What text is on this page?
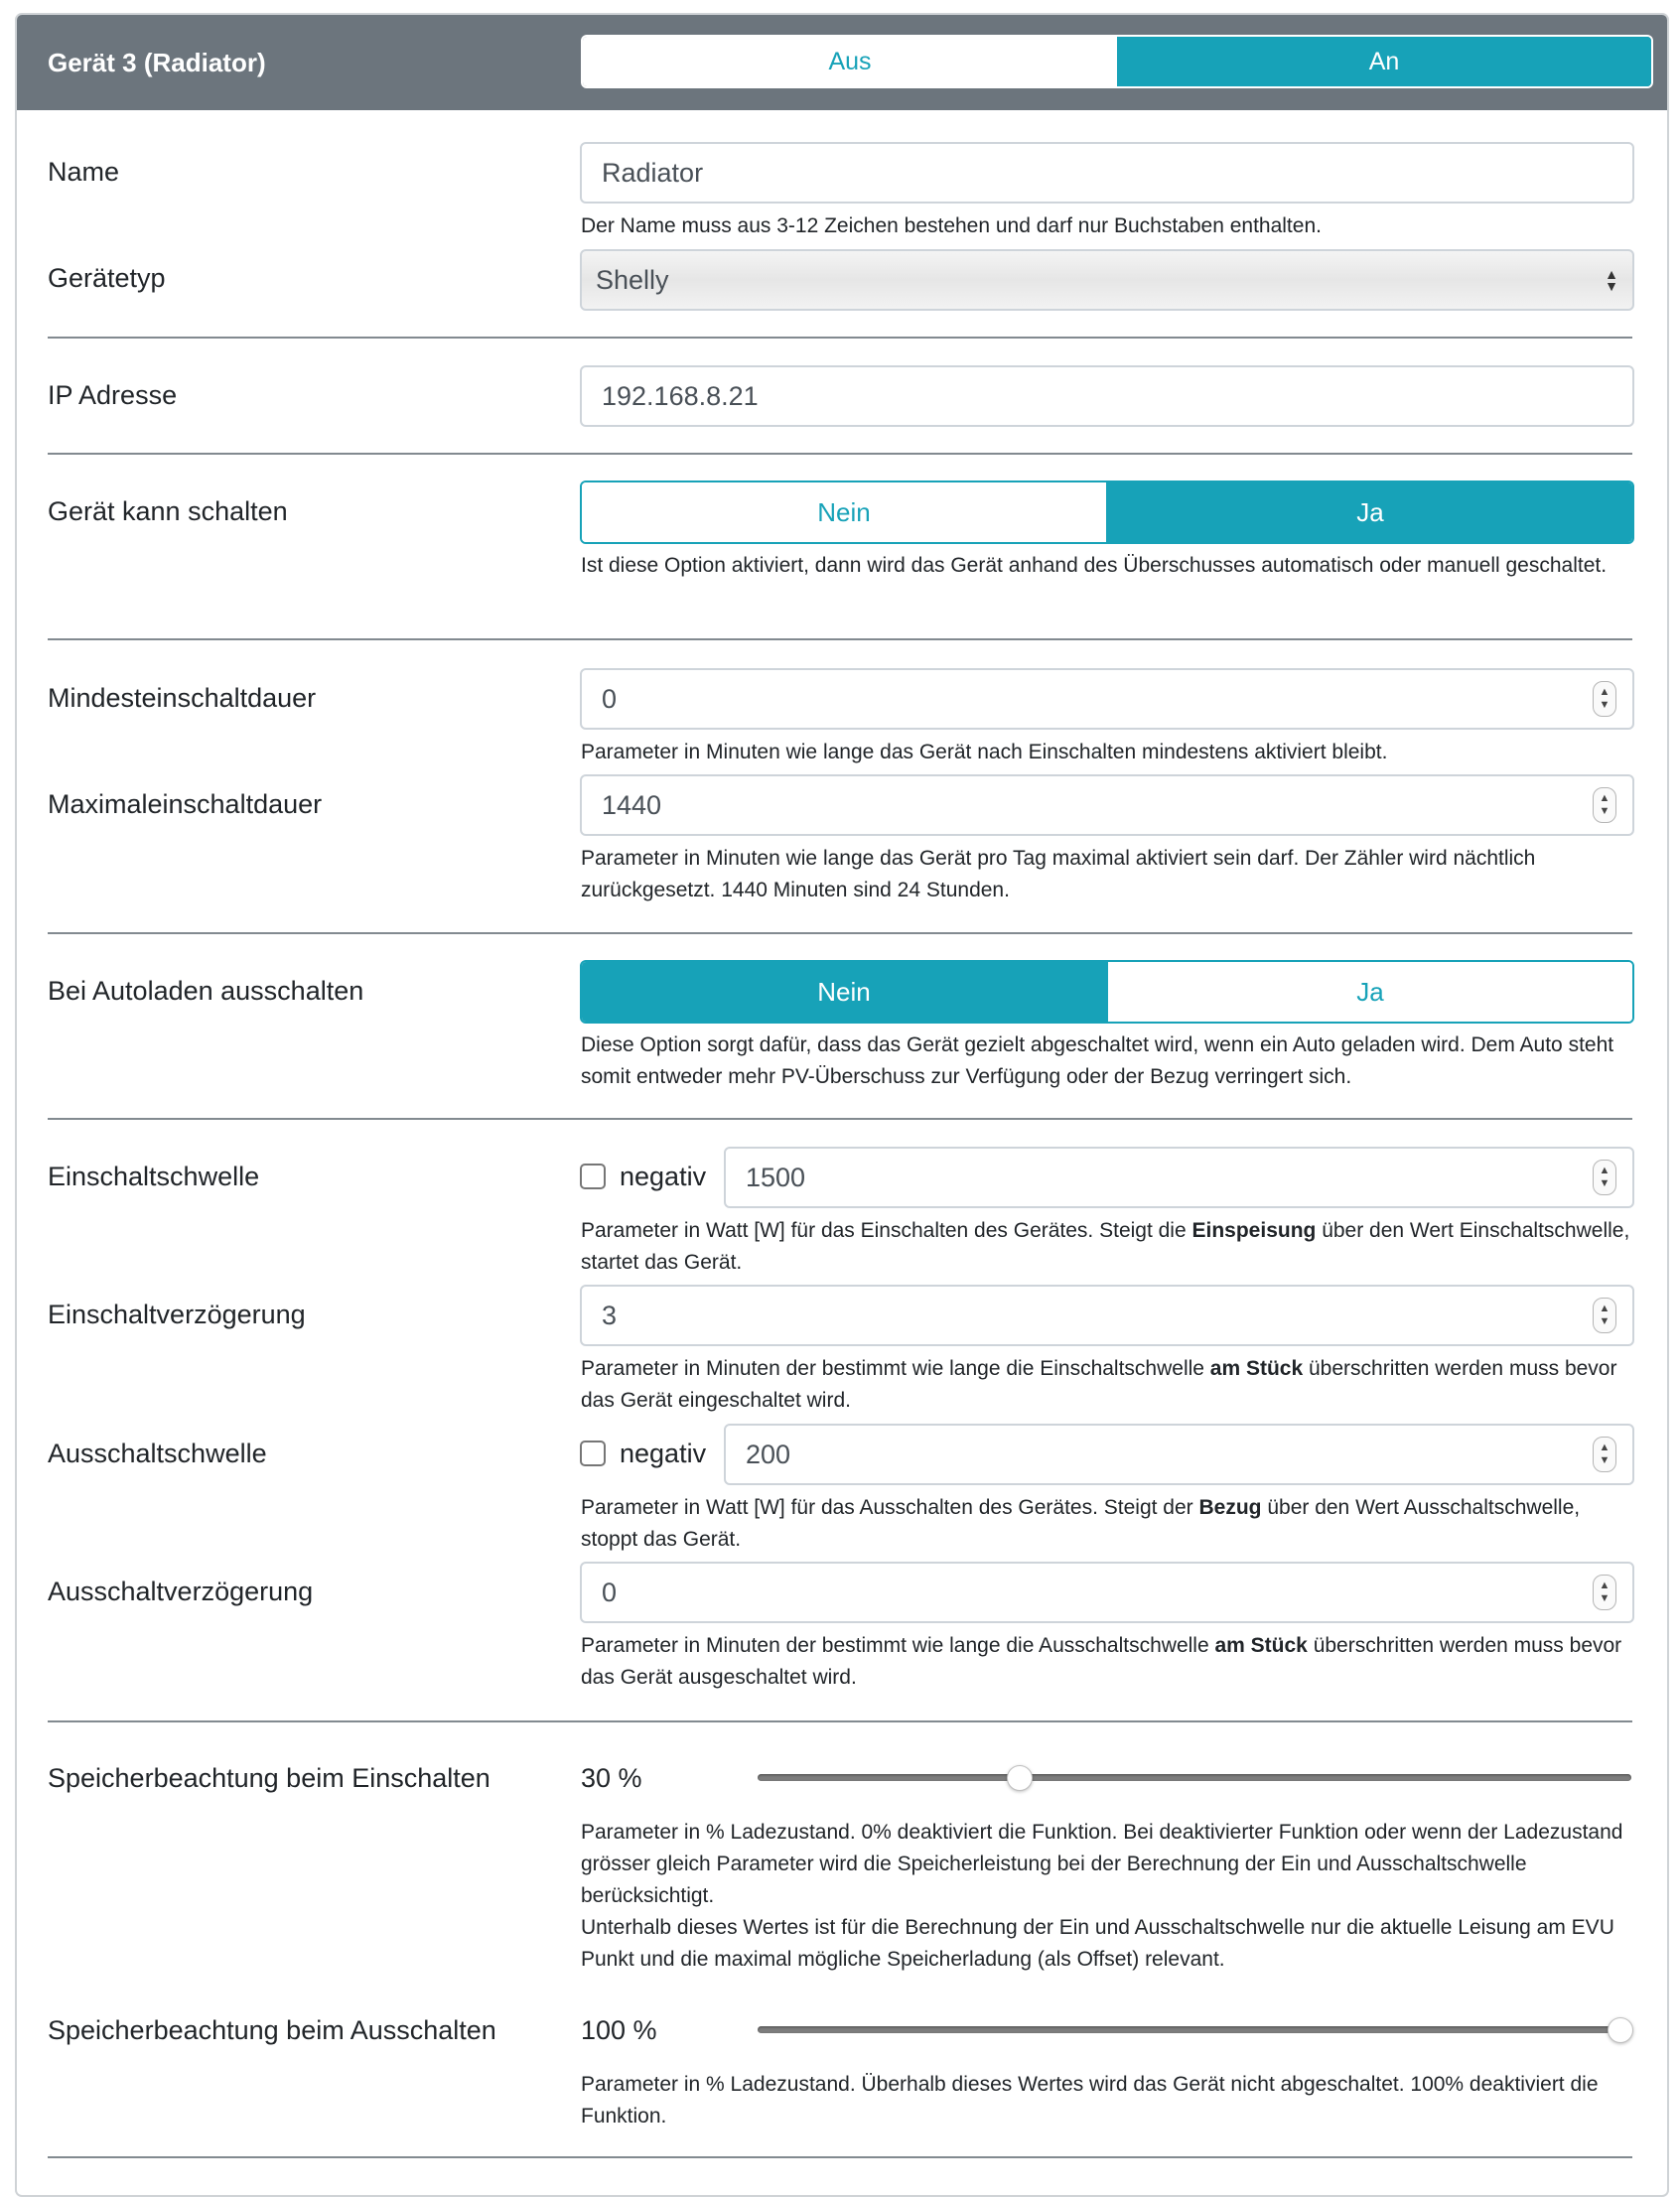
Gerät 3 (Radiator)	Aus	An
Name	Radiator
Der Name muss aus 3-12 Zeichen bestehen und darf nur Buchstaben enthalten.
Gerätetyp	Shelly	▲
▼
IP Adresse	192.168.8.21
Gerät kann schalten	Nein	Ja
Ist diese Option aktiviert, dann wird das Gerät anhand des Überschusses automatisch oder manuell geschaltet.
Mindesteinschaltdauer	0	▲
▼
Parameter in Minuten wie lange das Gerät nach Einschalten mindestens aktiviert bleibt.
Maximaleinschaltdauer	1440	▲
▼
Parameter in Minuten wie lange das Gerät pro Tag maximal aktiviert sein darf. Der Zähler wird nächtlich zurückgesetzt. 1440 Minuten sind 24 Stunden.
Bei Autoladen ausschalten	Nein	Ja
Diese Option sorgt dafür, dass das Gerät gezielt abgeschaltet wird, wenn ein Auto geladen wird. Dem Auto steht somit entweder mehr PV-Überschuss zur Verfügung oder der Bezug verringert sich.
Einschaltschwelle	negativ 1500	▲
▼
Parameter in Watt [W] für das Einschalten des Gerätes. Steigt die Einspeisung über den Wert Einschaltschwelle, startet das Gerät.
Einschaltverzögerung	3	▲
▼
Parameter in Minuten der bestimmt wie lange die Einschaltschwelle am Stück überschritten werden muss bevor das Gerät eingeschaltet wird.
Ausschaltschwelle	negativ 200	▲
▼
Parameter in Watt [W] für das Ausschalten des Gerätes. Steigt der Bezug über den Wert Ausschaltschwelle, stoppt das Gerät.
Ausschaltverzögerung	0	▲
▼
Parameter in Minuten der bestimmt wie lange die Ausschaltschwelle am Stück überschritten werden muss bevor das Gerät ausgeschaltet wird.
Speicherbeachtung beim Einschalten	30 %
Parameter in % Ladezustand. 0% deaktiviert die Funktion. Bei deaktivierter Funktion oder wenn der Ladezustand grösser gleich Parameter wird die Speicherleistung bei der Berechnung der Ein und Ausschaltschwelle berücksichtigt.
Unterhalb dieses Wertes ist für die Berechnung der Ein und Ausschaltschwelle nur die aktuelle Leisung am EVU Punkt und die maximal mögliche Speicherladung (als Offset) relevant.
Speicherbeachtung beim Ausschalten	100 %
Parameter in % Ladezustand. Überhalb dieses Wertes wird das Gerät nicht abgeschaltet. 100% deaktiviert die Funktion.
